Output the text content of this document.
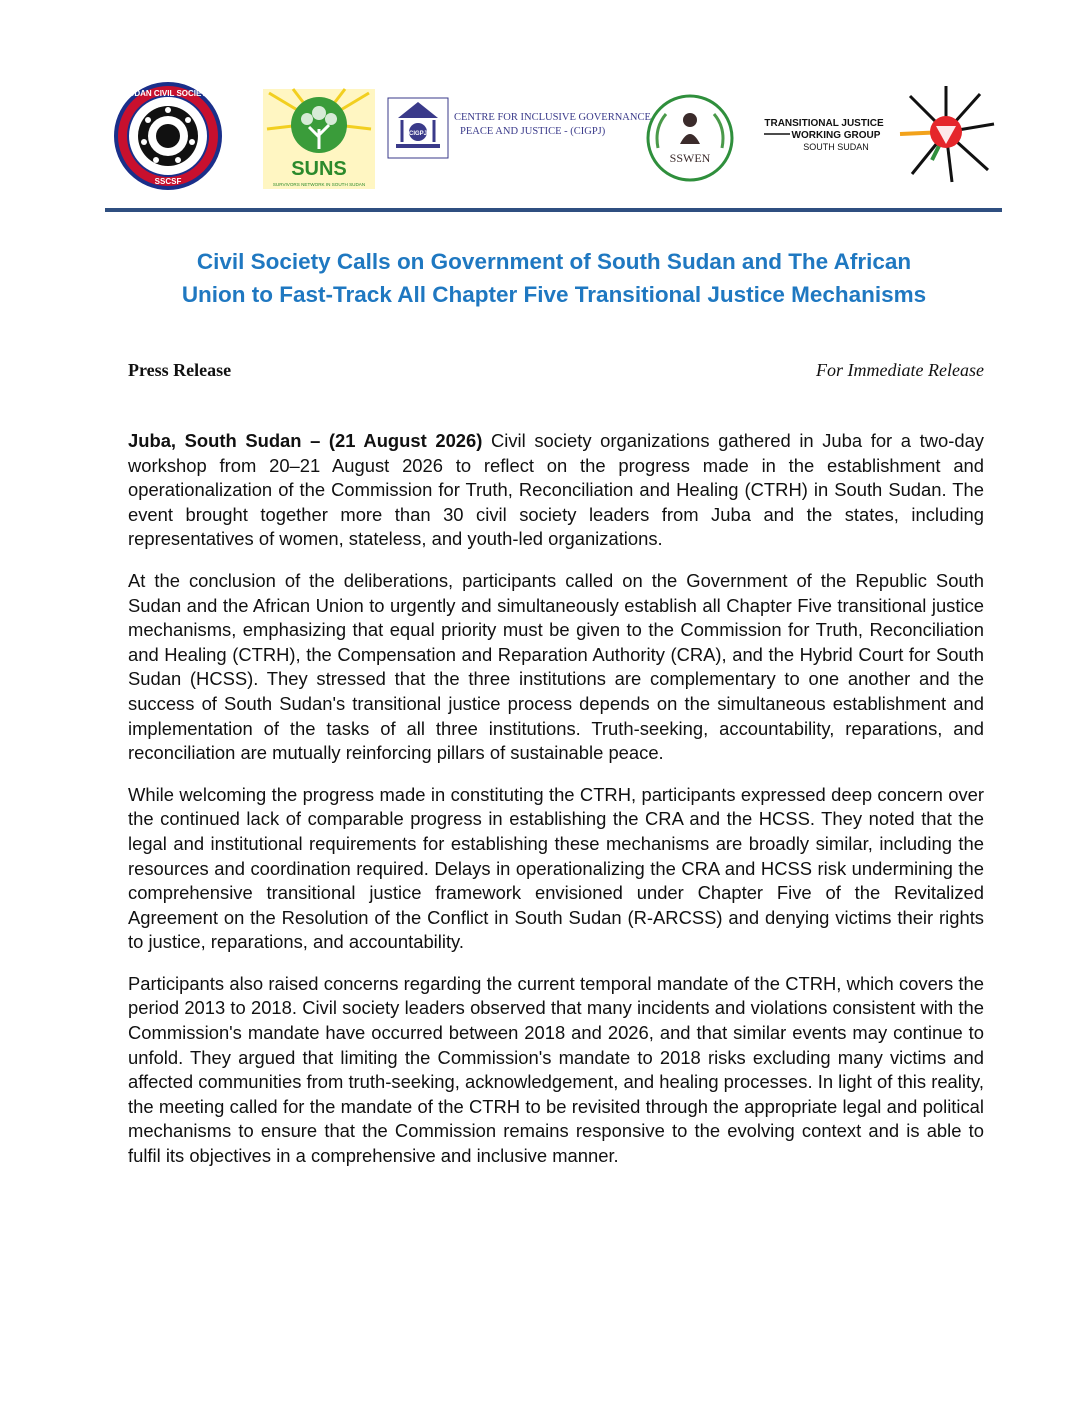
SOUTH SUDAN CIVIL SOCIETY FORUM
SSCSF
SUNS
SURVIVORS NETWORK IN SOUTH SUDAN
CIGPJ
CENTRE FOR INCLUSIVE GOVERNANCE
PEACE AND JUSTICE - (CIGPJ)
SSWEN
TRANSITIONAL JUSTICE
WORKING GROUP
SOUTH SUDAN
Civil Society Calls on Government of South Sudan and The African
Union to Fast-Track All Chapter Five Transitional Justice Mechanisms
Press Release	For Immediate Release

Juba, South Sudan – (21 August 2026) Civil society organizations gathered in Juba for a two-day workshop from 20–21 August 2026 to reflect on the progress made in the establishment and operationalization of the Commission for Truth, Reconciliation and Healing (CTRH) in South Sudan. The event brought together more than 30 civil society leaders from Juba and the states, including representatives of women, stateless, and youth-led organizations.

At the conclusion of the deliberations, participants called on the Government of the Republic South Sudan and the African Union to urgently and simultaneously establish all Chapter Five transitional justice mechanisms, emphasizing that equal priority must be given to the Commission for Truth, Reconciliation and Healing (CTRH), the Compensation and Reparation Authority (CRA), and the Hybrid Court for South Sudan (HCSS). They stressed that the three institutions are complementary to one another and the success of South Sudan's transitional justice process depends on the simultaneous establishment and implementation of the tasks of all three institutions. Truth-seeking, accountability, reparations, and reconciliation are mutually reinforcing pillars of sustainable peace.

While welcoming the progress made in constituting the CTRH, participants expressed deep concern over the continued lack of comparable progress in establishing the CRA and the HCSS. They noted that the legal and institutional requirements for establishing these mechanisms are broadly similar, including the resources and coordination required. Delays in operationalizing the CRA and HCSS risk undermining the comprehensive transitional justice framework envisioned under Chapter Five of the Revitalized Agreement on the Resolution of the Conflict in South Sudan (R-ARCSS) and denying victims their rights to justice, reparations, and accountability.

Participants also raised concerns regarding the current temporal mandate of the CTRH, which covers the period 2013 to 2018. Civil society leaders observed that many incidents and violations consistent with the Commission's mandate have occurred between 2018 and 2026, and that similar events may continue to unfold. They argued that limiting the Commission's mandate to 2018 risks excluding many victims and affected communities from truth-seeking, acknowledgement, and healing processes. In light of this reality, the meeting called for the mandate of the CTRH to be revisited through the appropriate legal and political mechanisms to ensure that the Commission remains responsive to the evolving context and is able to fulfil its objectives in a comprehensive and inclusive manner.
